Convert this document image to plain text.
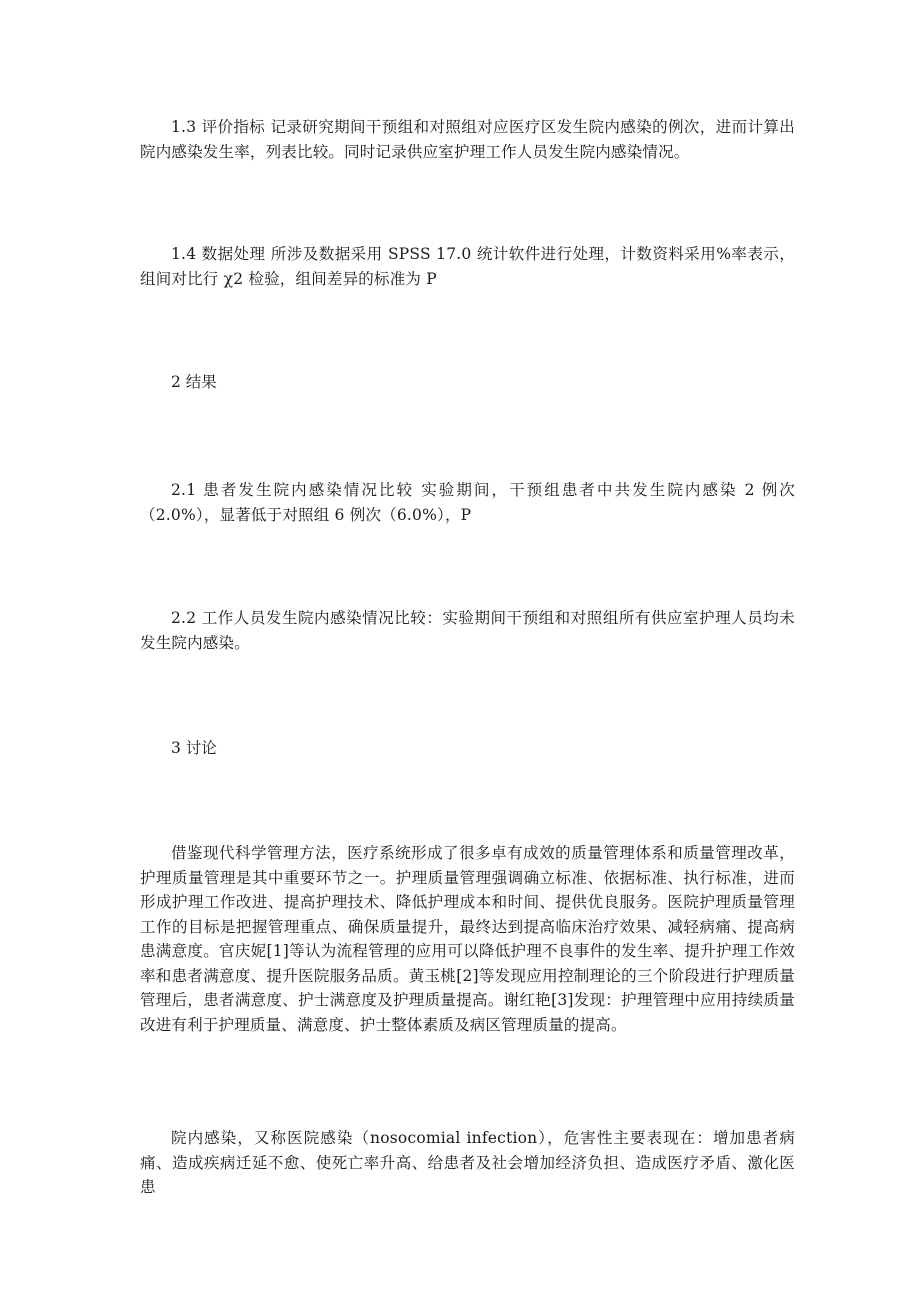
1.3 评价指标 记录研究期间干预组和对照组对应医疗区发生院内感染的例次，进而计算出院内感染发生率，列表比较。同时记录供应室护理工作人员发生院内感染情况。

1.4 数据处理 所涉及数据采用 SPSS 17.0 统计软件进行处理，计数资料采用%率表示，组间对比行 χ2 检验，组间差异的标准为 P

2 结果

2.1 患者发生院内感染情况比较 实验期间，干预组患者中共发生院内感染 2 例次（2.0%），显著低于对照组 6 例次（6.0%），P

2.2 工作人员发生院内感染情况比较：实验期间干预组和对照组所有供应室护理人员均未发生院内感染。

3 讨论

借鉴现代科学管理方法，医疗系统形成了很多卓有成效的质量管理体系和质量管理改革，护理质量管理是其中重要环节之一。护理质量管理强调确立标准、依据标准、执行标准，进而形成护理工作改进、提高护理技术、降低护理成本和时间、提供优良服务。医院护理质量管理工作的目标是把握管理重点、确保质量提升，最终达到提高临床治疗效果、减轻病痛、提高病患满意度。官庆妮[1]等认为流程管理的应用可以降低护理不良事件的发生率、提升护理工作效率和患者满意度、提升医院服务品质。黄玉桃[2]等发现应用控制理论的三个阶段进行护理质量管理后，患者满意度、护士满意度及护理质量提高。谢红艳[3]发现：护理管理中应用持续质量改进有利于护理质量、满意度、护士整体素质及病区管理质量的提高。

院内感染，又称医院感染（nosocomial infection），危害性主要表现在：增加患者病痛、造成疾病迁延不愈、使死亡率升高、给患者及社会增加经济负担、造成医疗矛盾、激化医患
